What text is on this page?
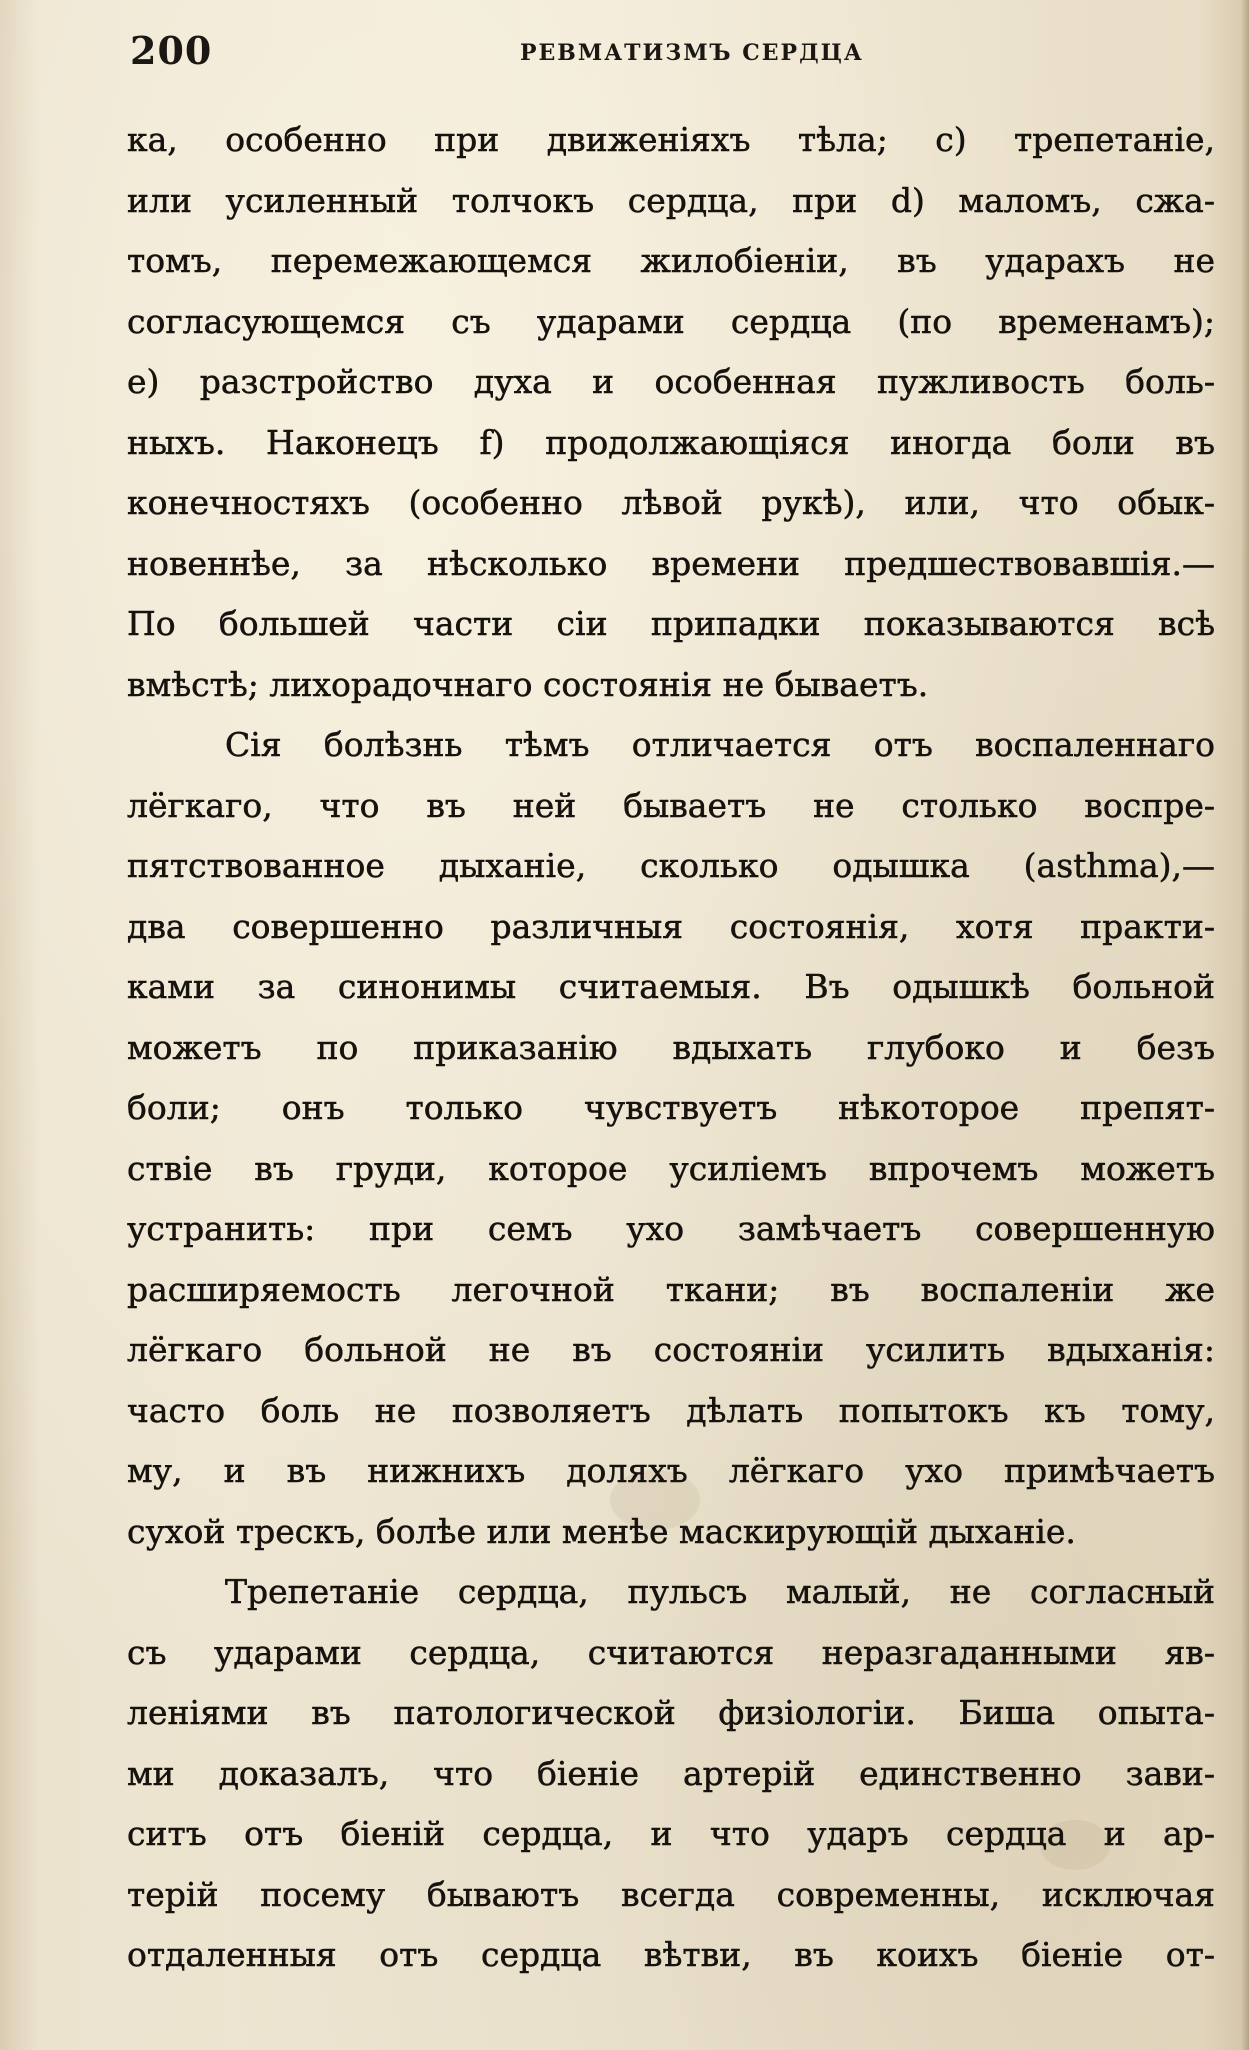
200	РЕВМАТИЗМЪ СЕРДЦА
ка, особенно при движеніяхъ тѣла; c) трепетаніе,
или усиленный толчокъ сердца, при d) маломъ, сжа-
томъ, перемежающемся жилобіеніи, въ ударахъ не
согласующемся съ ударами сердца (по временамъ);
e) разстройство духа и особенная пужливость боль-
ныхъ. Наконецъ f) продолжающіяся иногда боли въ
конечностяхъ (особенно лѣвой рукѣ), или, что обык-
новеннѣе, за нѣсколько времени предшествовавшія.—
По большей части сіи припадки показываются всѣ
вмѣстѣ; лихорадочнаго состоянія не бываетъ.
Сія болѣзнь тѣмъ отличается отъ воспаленнаго
лёгкаго, что въ ней бываетъ не столько воспре-
пятствованное дыханіе, сколько одышка (asthma),—
два совершенно различныя состоянія, хотя практи-
ками за синонимы считаемыя. Въ одышкѣ больной
можетъ по приказанію вдыхать глубоко и безъ
боли; онъ только чувствуетъ нѣкоторое препят-
ствіе въ груди, которое усиліемъ впрочемъ можетъ
устранить: при семъ ухо замѣчаетъ совершенную
расширяемость легочной ткани; въ воспаленіи же
лёгкаго больной не въ состояніи усилить вдыханія:
часто боль не позволяетъ дѣлать попытокъ къ тому,
му, и въ нижнихъ доляхъ лёгкаго ухо примѣчаетъ
сухой трескъ, болѣе или менѣе маскирующій дыханіе.
Трепетаніе сердца, пульсъ малый, не согласный
съ ударами сердца, считаются неразгаданными яв-
леніями въ патологической физіологіи. Биша опыта-
ми доказалъ, что біеніе артерій единственно зави-
ситъ отъ біеній сердца, и что ударъ сердца и ар-
терій посему бываютъ всегда современны, исключая
отдаленныя отъ сердца вѣтви, въ коихъ біеніе от-
